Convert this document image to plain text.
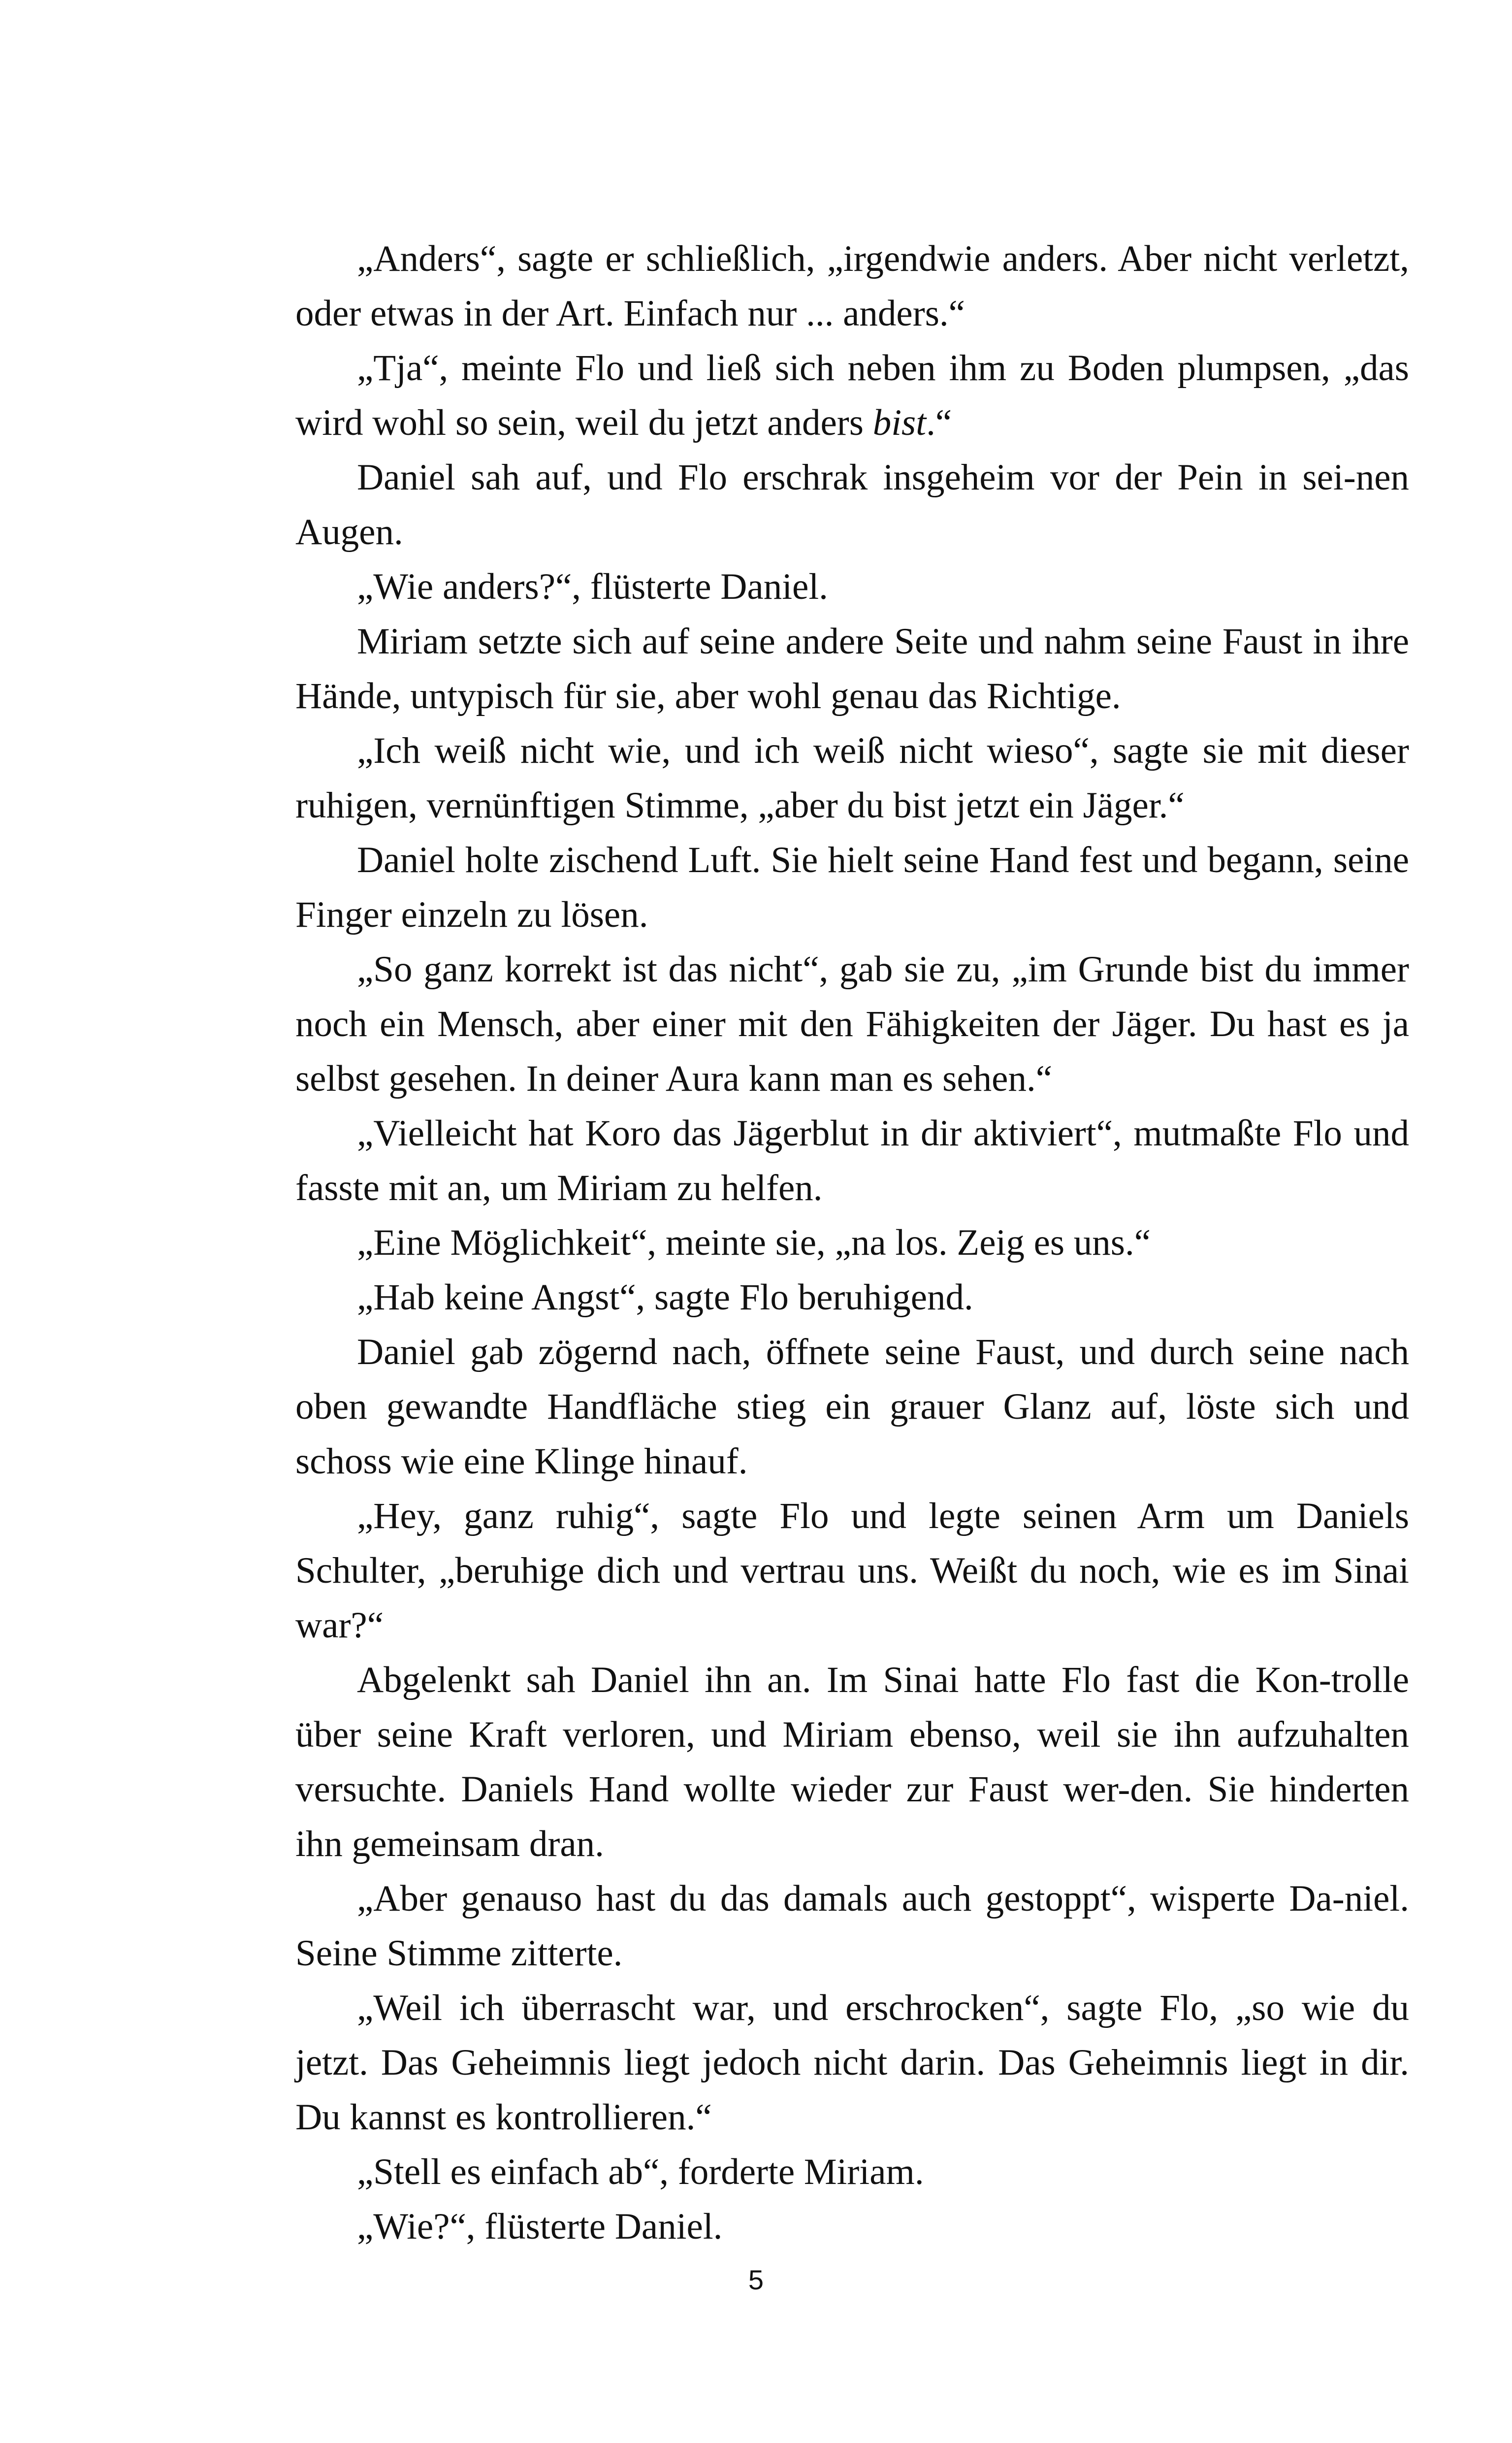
„Anders“, sagte er schließlich, „irgendwie anders. Aber nicht verletzt, oder etwas in der Art. Einfach nur ... anders.“

„Tja“, meinte Flo und ließ sich neben ihm zu Boden plumpsen, „das wird wohl so sein, weil du jetzt anders bist.“

Daniel sah auf, und Flo erschrak insgeheim vor der Pein in sei-nen Augen.

„Wie anders?“, flüsterte Daniel.

Miriam setzte sich auf seine andere Seite und nahm seine Faust in ihre Hände, untypisch für sie, aber wohl genau das Richtige.

„Ich weiß nicht wie, und ich weiß nicht wieso“, sagte sie mit dieser ruhigen, vernünftigen Stimme, „aber du bist jetzt ein Jäger.“

Daniel holte zischend Luft. Sie hielt seine Hand fest und begann, seine Finger einzeln zu lösen.

„So ganz korrekt ist das nicht“, gab sie zu, „im Grunde bist du immer noch ein Mensch, aber einer mit den Fähigkeiten der Jäger. Du hast es ja selbst gesehen. In deiner Aura kann man es sehen.“

„Vielleicht hat Koro das Jägerblut in dir aktiviert“, mutmaßte Flo und fasste mit an, um Miriam zu helfen.

„Eine Möglichkeit“, meinte sie, „na los. Zeig es uns.“

„Hab keine Angst“, sagte Flo beruhigend.

Daniel gab zögernd nach, öffnete seine Faust, und durch seine nach oben gewandte Handfläche stieg ein grauer Glanz auf, löste sich und schoss wie eine Klinge hinauf.

„Hey, ganz ruhig“, sagte Flo und legte seinen Arm um Daniels Schulter, „beruhige dich und vertrau uns. Weißt du noch, wie es im Sinai war?“

Abgelenkt sah Daniel ihn an. Im Sinai hatte Flo fast die Kon-trolle über seine Kraft verloren, und Miriam ebenso, weil sie ihn aufzuhalten versuchte. Daniels Hand wollte wieder zur Faust wer-den. Sie hinderten ihn gemeinsam dran.

„Aber genauso hast du das damals auch gestoppt“, wisperte Da-niel. Seine Stimme zitterte.

„Weil ich überrascht war, und erschrocken“, sagte Flo, „so wie du jetzt. Das Geheimnis liegt jedoch nicht darin. Das Geheimnis liegt in dir. Du kannst es kontrollieren.“

„Stell es einfach ab“, forderte Miriam.

„Wie?“, flüsterte Daniel.

5
